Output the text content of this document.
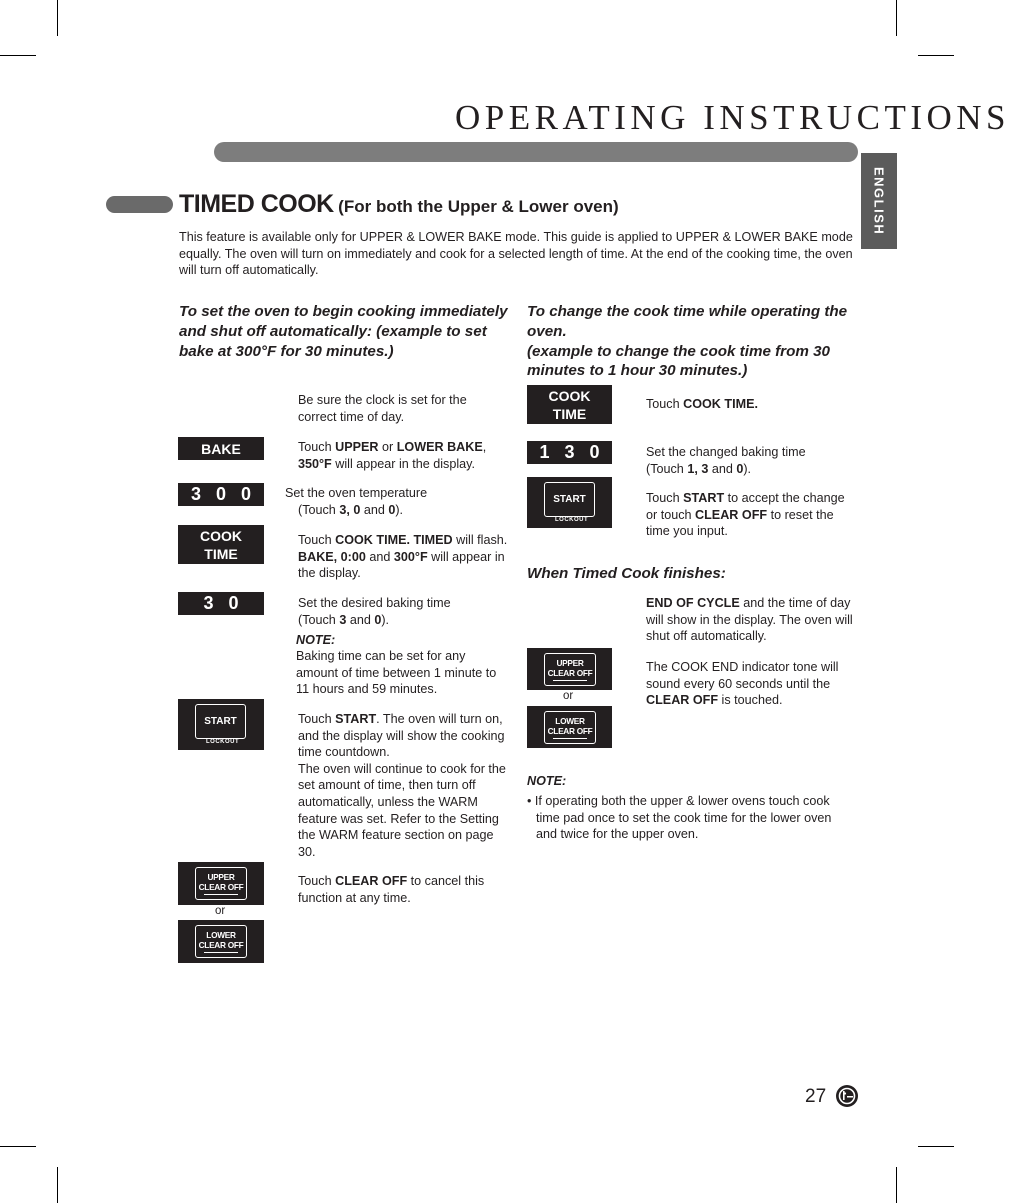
OPERATING INSTRUCTIONS
ENGLISH
TIMED COOK (For both the Upper & Lower oven)
This feature is available only for UPPER & LOWER BAKE mode. This guide is applied to UPPER & LOWER BAKE mode equally. The oven will turn on immediately and cook for a selected length of time. At the end of the cooking time, the oven will turn off automatically.
To set the oven to begin cooking immediately and shut off automatically: (example to set bake at 300°F for 30 minutes.)
Be sure the clock is set for the correct time of day.
BAKE	Touch UPPER or LOWER BAKE, 350°F will appear in the display.
3 0 0	Set the oven temperature
(Touch 3, 0 and 0).
COOK
TIME
Touch COOK TIME. TIMED will flash. BAKE, 0:00 and 300°F will appear in the display.
3 0	Set the desired baking time
(Touch 3 and 0).
NOTE:
Baking time can be set for any amount of time between 1 minute to 11 hours and 59 minutes.
START
LOCKOUT
Touch START. The oven will turn on, and the display will show the cooking time countdown.
The oven will continue to cook for the set amount of time, then turn off automatically, unless the WARM feature was set. Refer to the Setting the WARM feature section on page 30.
UPPER
CLEAR OFF
or
LOWER
CLEAR OFF
Touch CLEAR OFF to cancel this function at any time.
To change the cook time while operating the oven.
(example to change the cook time from 30 minutes to 1 hour 30 minutes.)
COOK
TIME
Touch COOK TIME.
1 3 0	Set the changed baking time
(Touch 1, 3 and 0).
START
LOCKOUT
Touch START to accept the change or touch CLEAR OFF to reset the time you input.
When Timed Cook finishes:
END OF CYCLE and the time of day will show in the display. The oven will shut off automatically.
The COOK END indicator tone will sound every 60 seconds until the CLEAR OFF is touched.
UPPER
CLEAR OFF
or
LOWER
CLEAR OFF
NOTE:
• If operating both the upper & lower ovens touch cook time pad once to set the cook time for the lower oven and twice for the upper oven.
27
